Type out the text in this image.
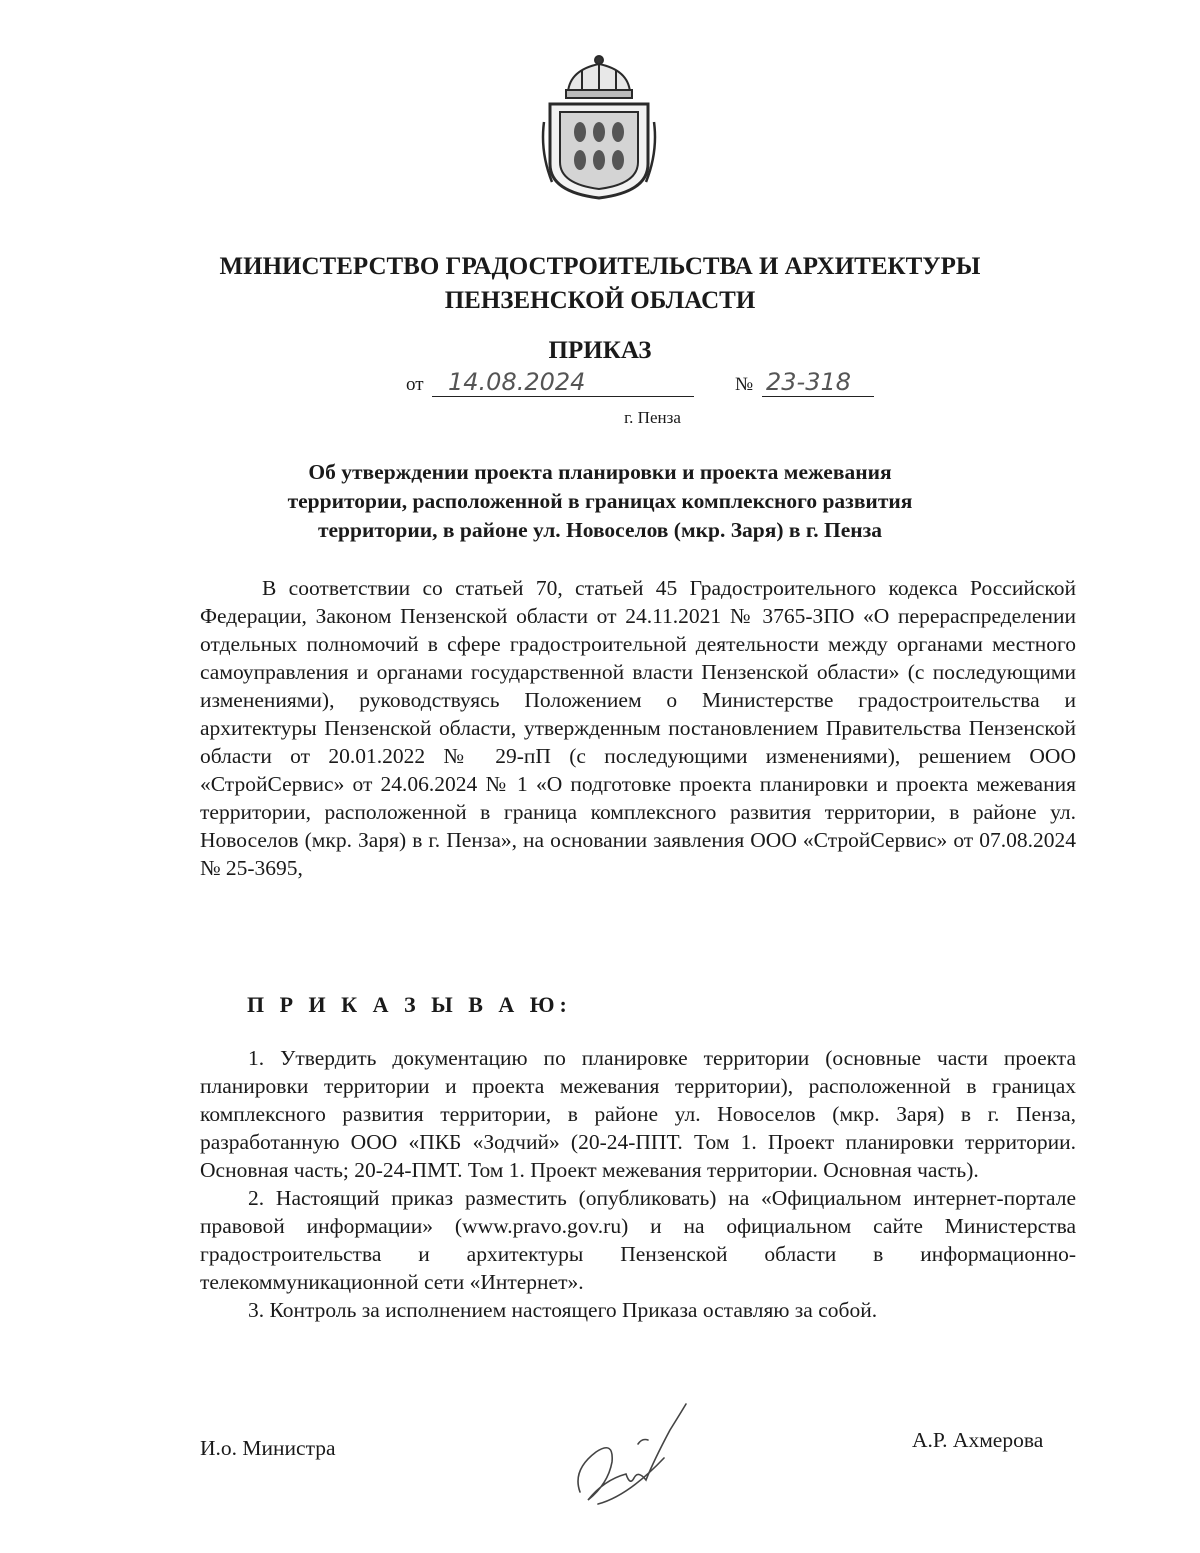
МИНИСТЕРСТВО ГРАДОСТРОИТЕЛЬСТВА И АРХИТЕКТУРЫ
ПЕНЗЕНСКОЙ ОБЛАСТИ
ПРИКАЗ
от 14.08.2024	№ 23-318
г. Пенза
Об утверждении проекта планировки и проекта межевания
территории, расположенной в границах комплексного развития
территории, в районе ул. Новоселов (мкр. Заря) в г. Пенза
В соответствии со статьей 70, статьей 45 Градостроительного кодекса Российской Федерации, Законом Пензенской области от 24.11.2021 № 3765-ЗПО «О перераспределении отдельных полномочий в сфере градостроительной деятельности между органами местного самоуправления и органами государственной власти Пензенской области» (с последующими изменениями), руководствуясь Положением о Министерстве градостроительства и архитектуры Пензенской области, утвержденным постановлением Правительства Пензенской области от 20.01.2022 № 29-пП (с последующими изменениями), решением ООО «СтройСервис» от 24.06.2024 № 1 «О подготовке проекта планировки и проекта межевания территории, расположенной в граница комплексного развития территории, в районе ул. Новоселов (мкр. Заря) в г. Пенза», на основании заявления ООО «СтройСервис» от 07.08.2024 № 25-3695,
П Р И К А З Ы В А Ю:

1. Утвердить документацию по планировке территории (основные части проекта планировки территории и проекта межевания территории), расположенной в границах комплексного развития территории, в районе ул. Новоселов (мкр. Заря) в г. Пенза, разработанную ООО «ПКБ «Зодчий» (20-24-ППТ. Том 1. Проект планировки территории. Основная часть; 20-24-ПМТ. Том 1. Проект межевания территории. Основная часть).

2. Настоящий приказ разместить (опубликовать) на «Официальном интернет-портале правовой информации» (www.pravo.gov.ru) и на официальном сайте Министерства градостроительства и архитектуры Пензенской области в информационно-телекоммуникационной сети «Интернет».

3. Контроль за исполнением настоящего Приказа оставляю за собой.

И.о. Министра	А.Р. Ахмерова
